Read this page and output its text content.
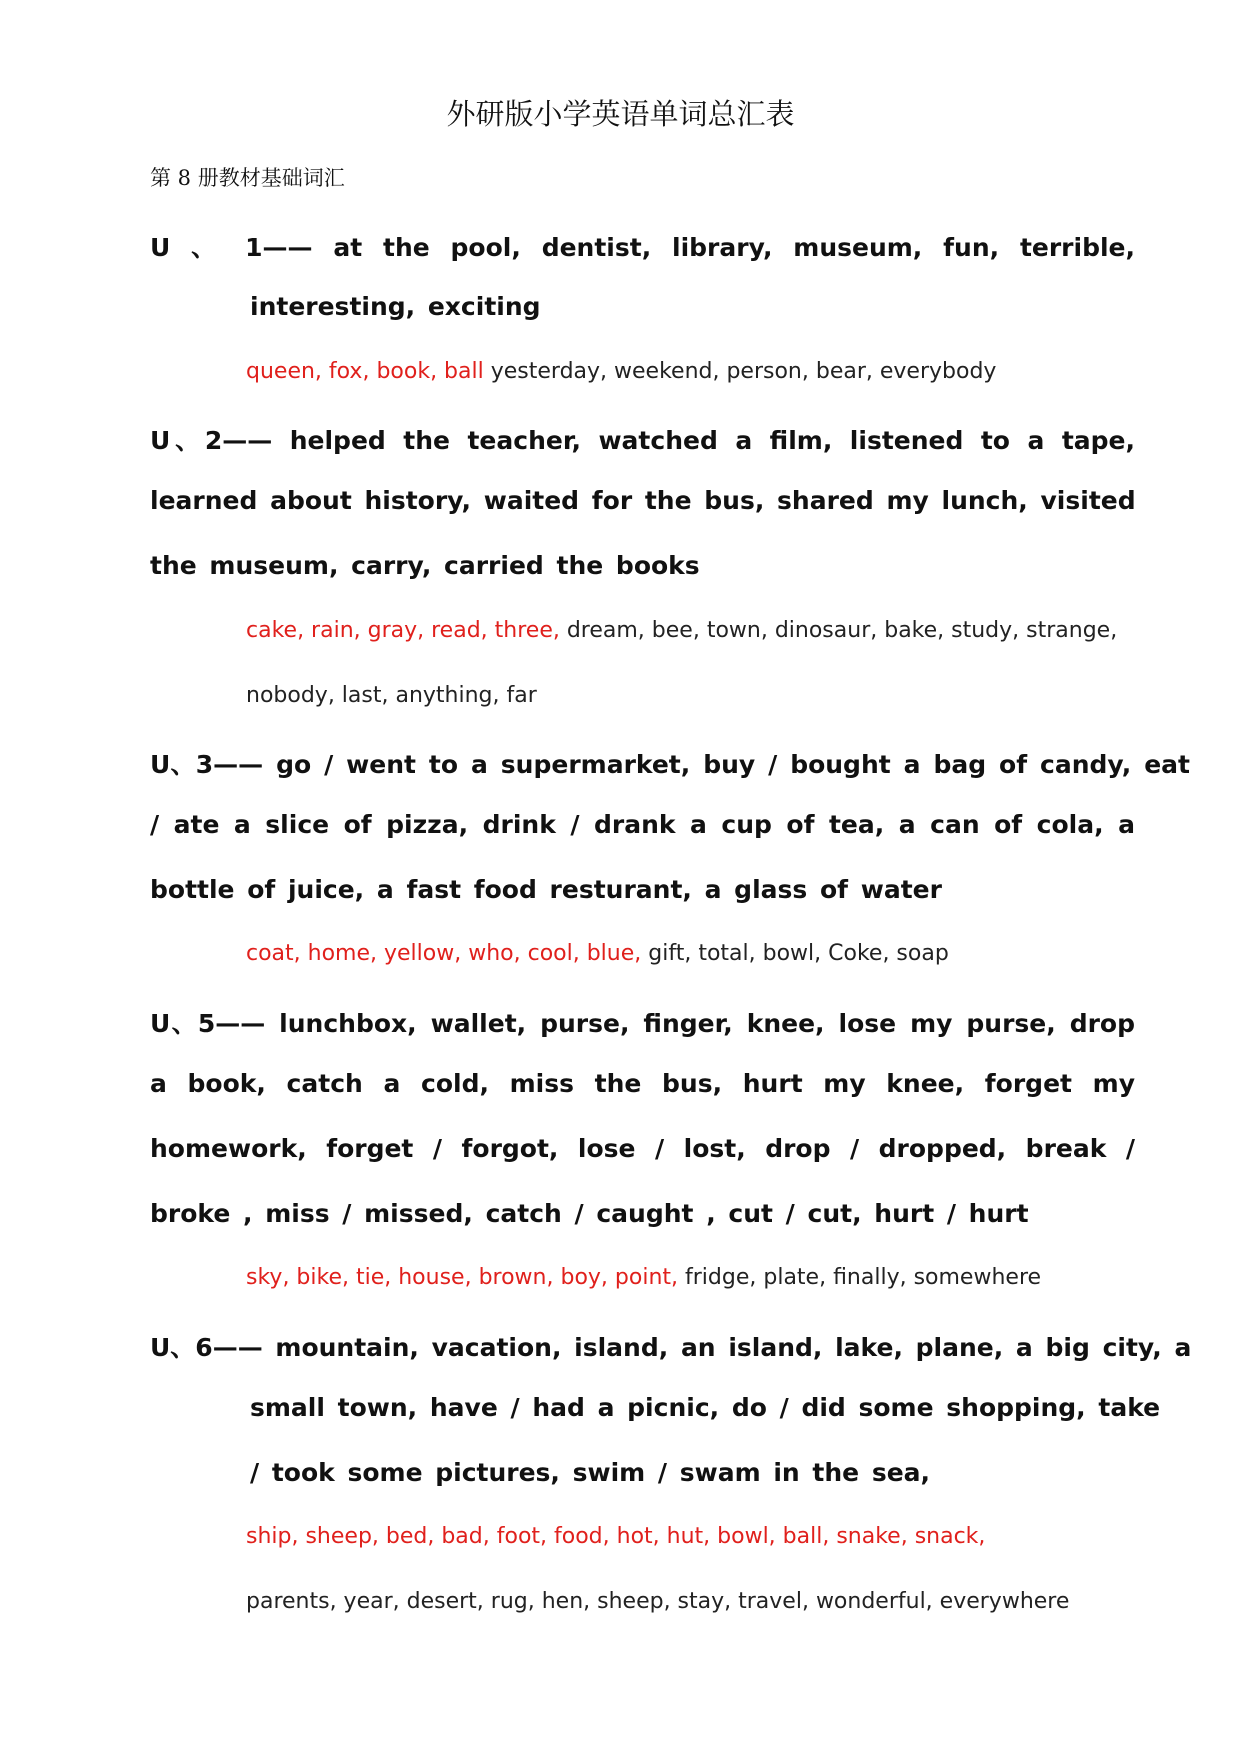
外研版小学英语单词总汇表
第 8 册教材基础词汇
U 、 1—— at the pool, dentist, library, museum, fun, terrible,
interesting, exciting
queen, fox, book, ball yesterday, weekend, person, bear, everybody
U、2—— helped the teacher, watched a film, listened to a tape,
learned about history, waited for the bus, shared my lunch, visited
the museum, carry, carried the books
cake, rain, gray, read, three, dream, bee, town, dinosaur, bake, study, strange,
nobody, last, anything, far
U、3—— go / went to a supermarket, buy / bought a bag of candy, eat
/ ate a slice of pizza, drink / drank a cup of tea, a can of cola, a
bottle of juice, a fast food resturant, a glass of water
coat, home, yellow, who, cool, blue, gift, total, bowl, Coke, soap
U、5—— lunchbox, wallet, purse, finger, knee, lose my purse, drop
a book, catch a cold, miss the bus, hurt my knee, forget my
homework, forget / forgot, lose / lost, drop / dropped, break /
broke , miss / missed, catch / caught , cut / cut, hurt / hurt
sky, bike, tie, house, brown, boy, point, fridge, plate, finally, somewhere
U、6—— mountain, vacation, island, an island, lake, plane, a big city, a
small town, have / had a picnic, do / did some shopping, take
/ took some pictures, swim / swam in the sea,
ship, sheep, bed, bad, foot, food, hot, hut, bowl, ball, snake, snack,
parents, year, desert, rug, hen, sheep, stay, travel, wonderful, everywhere
